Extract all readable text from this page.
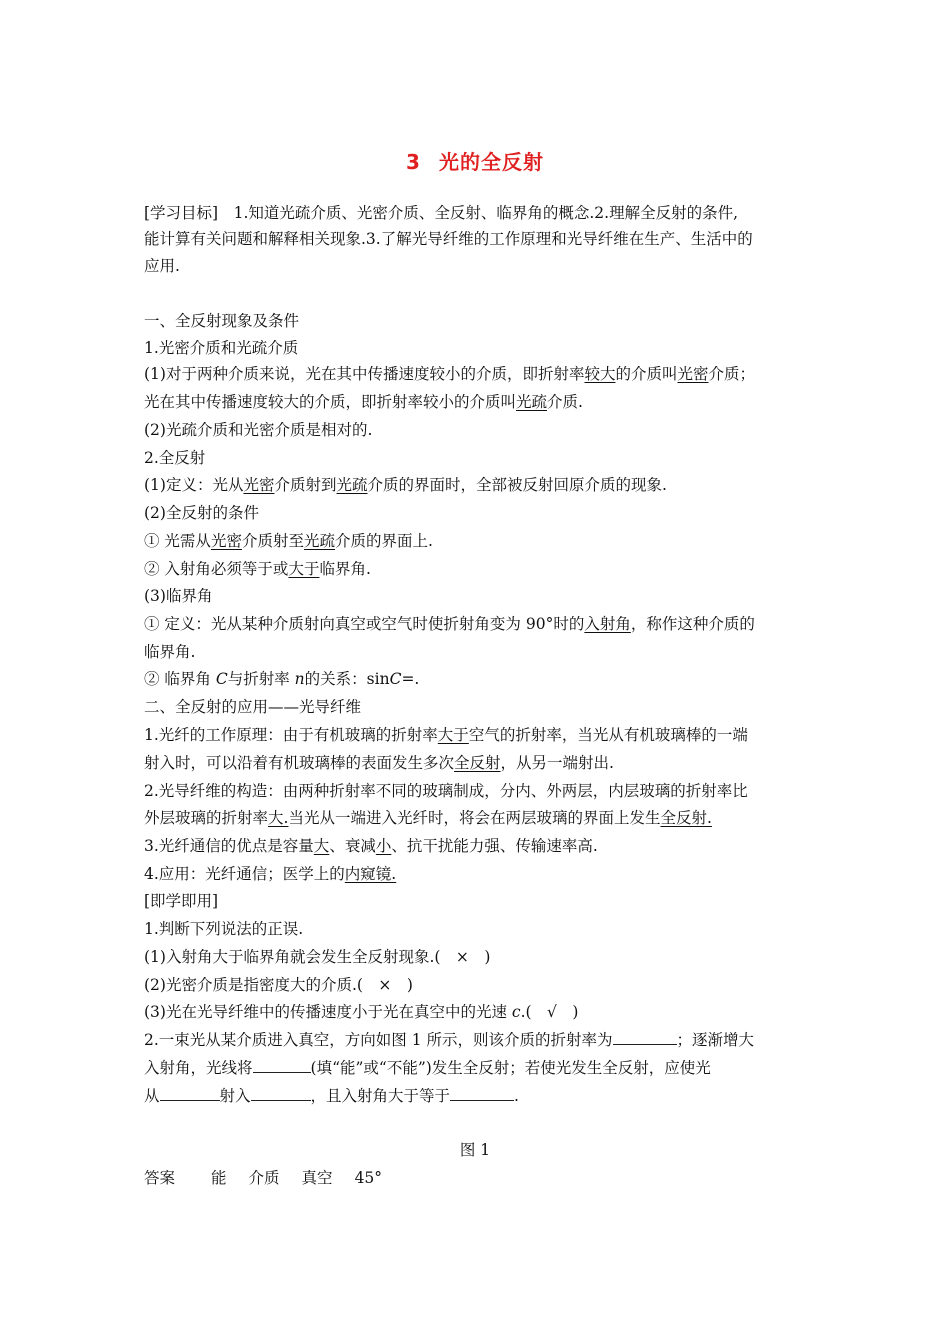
3 光的全反射
[学习目标]　1.知道光疏介质、光密介质、全反射、临界角的概念.2.理解全反射的条件,
能计算有关问题和解释相关现象.3.了解光导纤维的工作原理和光导纤维在生产、生活中的
应用.
一、全反射现象及条件
1.光密介质和光疏介质
(1)对于两种介质来说，光在其中传播速度较小的介质，即折射率较大的介质叫光密介质；
光在其中传播速度较大的介质，即折射率较小的介质叫光疏介质.
(2)光疏介质和光密介质是相对的.
2.全反射
(1)定义：光从光密介质射到光疏介质的界面时，全部被反射回原介质的现象.
(2)全反射的条件
① 光需从光密介质射至光疏介质的界面上.
② 入射角必须等于或大于临界角.
(3)临界角
① 定义：光从某种介质射向真空或空气时使折射角变为 90°时的入射角，称作这种介质的
临界角.
② 临界角 C与折射率 n的关系：sinC=.
二、全反射的应用——光导纤维
1.光纤的工作原理：由于有机玻璃的折射率大于空气的折射率，当光从有机玻璃棒的一端
射入时，可以沿着有机玻璃棒的表面发生多次全反射，从另一端射出.
2.光导纤维的构造：由两种折射率不同的玻璃制成，分内、外两层，内层玻璃的折射率比
外层玻璃的折射率大.当光从一端进入光纤时，将会在两层玻璃的界面上发生全反射.
3.光纤通信的优点是容量大、衰减小、抗干扰能力强、传输速率高.
4.应用：光纤通信；医学上的内窥镜.
[即学即用]
1.判断下列说法的正误.
(1)入射角大于临界角就会发生全反射现象.(　×　)
(2)光密介质是指密度大的介质.(　×　)
(3)光在光导纤维中的传播速度小于光在真空中的光速 c.(　√　)
2.一束光从某介质进入真空，方向如图 1 所示，则该介质的折射率为	；逐渐增大
入射角，光线将	(填“能”或“不能”)发生全反射；若使光发生全反射，应使光
从	射入	，且入射角大于等于	.
图 1
答案 能 介质 真空 45°
